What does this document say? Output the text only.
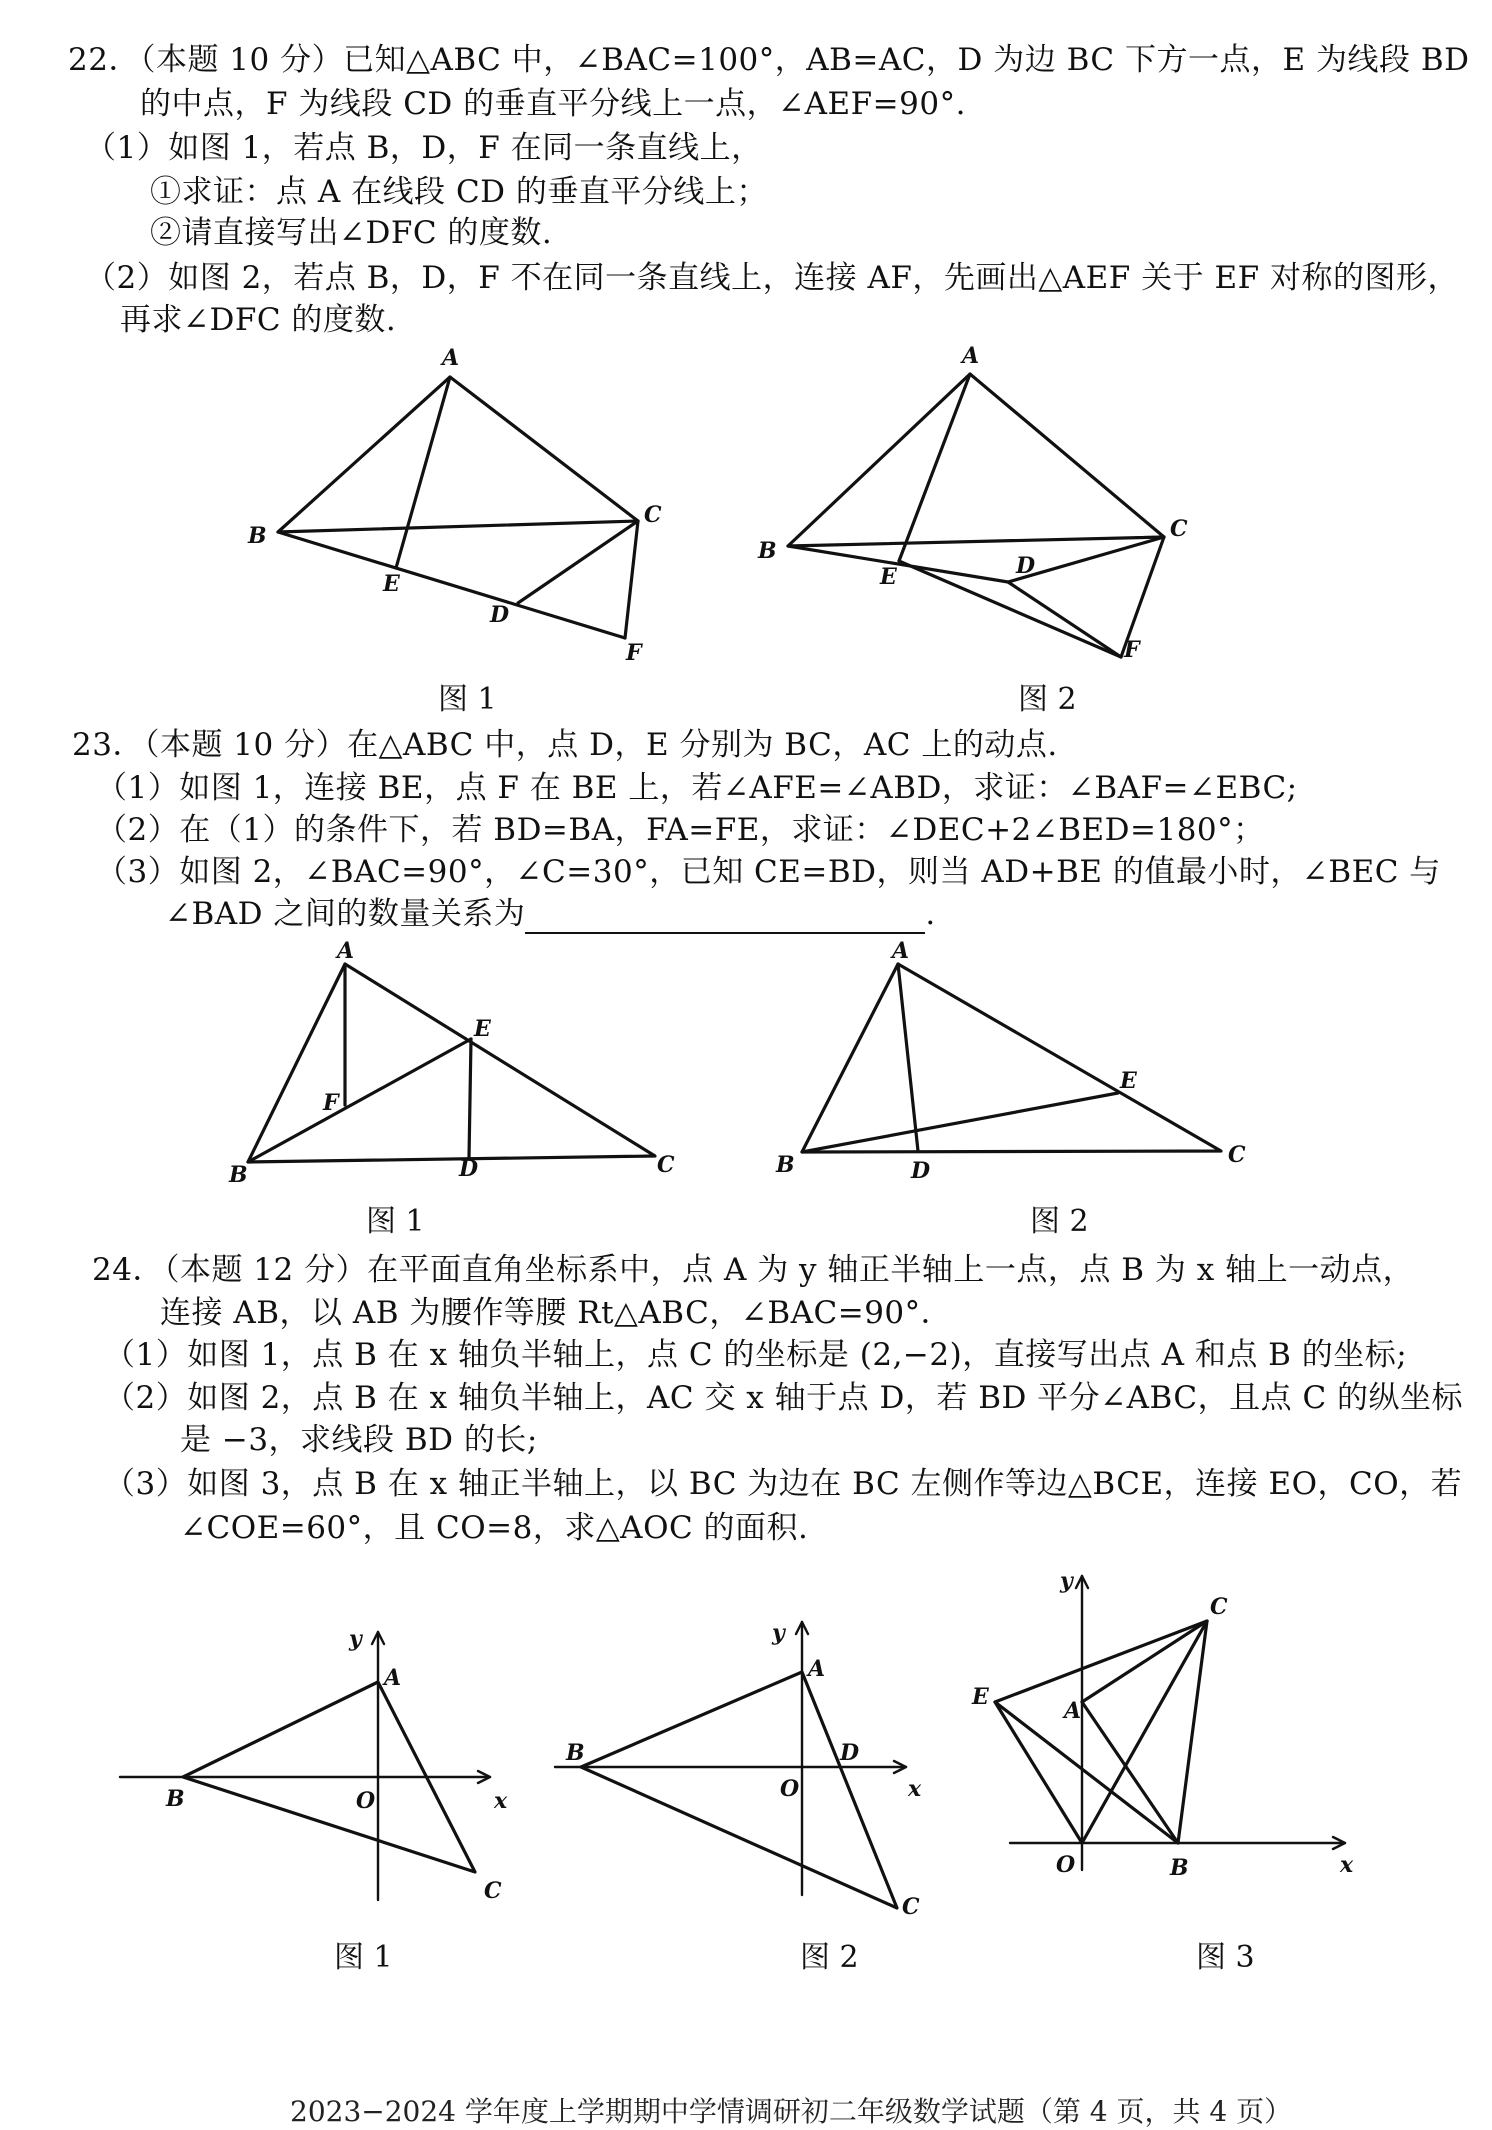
22．（本题 10 分）已知△ABC 中，∠BAC=100°，AB=AC，D 为边 BC 下方一点，E 为线段 BD
的中点，F 为线段 CD 的垂直平分线上一点，∠AEF=90°.
（1）如图 1，若点 B，D，F 在同一条直线上，
①求证：点 A 在线段 CD 的垂直平分线上；
②请直接写出∠DFC 的度数.
（2）如图 2，若点 B，D，F 不在同一条直线上，连接 AF，先画出△AEF 关于 EF 对称的图形，
再求∠DFC 的度数.
A
B
C
E
D
F
A
B
C
D
E
F
图 1	图 2
23．（本题 10 分）在△ABC 中，点 D，E 分别为 BC，AC 上的动点.
（1）如图 1，连接 BE，点 F 在 BE 上，若∠AFE=∠ABD，求证：∠BAF=∠EBC;
（2）在（1）的条件下，若 BD=BA，FA=FE，求证：∠DEC+2∠BED=180°；
（3）如图 2，∠BAC=90°，∠C=30°，已知 CE=BD，则当 AD+BE 的值最小时，∠BEC 与
∠BAD 之间的数量关系为	.
A
B	C
D
E
F
A
B	C
D
E
图 1	图 2
24．（本题 12 分）在平面直角坐标系中，点 A 为 y 轴正半轴上一点，点 B 为 x 轴上一动点，
连接 AB，以 AB 为腰作等腰 Rt△ABC，∠BAC=90°．
（1）如图 1，点 B 在 x 轴负半轴上，点 C 的坐标是 (2,−2)，直接写出点 A 和点 B 的坐标;
（2）如图 2，点 B 在 x 轴负半轴上，AC 交 x 轴于点 D，若 BD 平分∠ABC，且点 C 的纵坐标
是 −3，求线段 BD 的长;
（3）如图 3，点 B 在 x 轴正半轴上，以 BC 为边在 BC 左侧作等边△BCE，连接 EO，CO，若
∠COE=60°，且 CO=8，求△AOC 的面积.
A
B
C
O	x
y
A
B
C
D
O	x
y
A
B
C
E
O	x
y
图 1	图 2	图 3
2023−2024 学年度上学期期中学情调研初二年级数学试题（第 4 页，共 4 页）
